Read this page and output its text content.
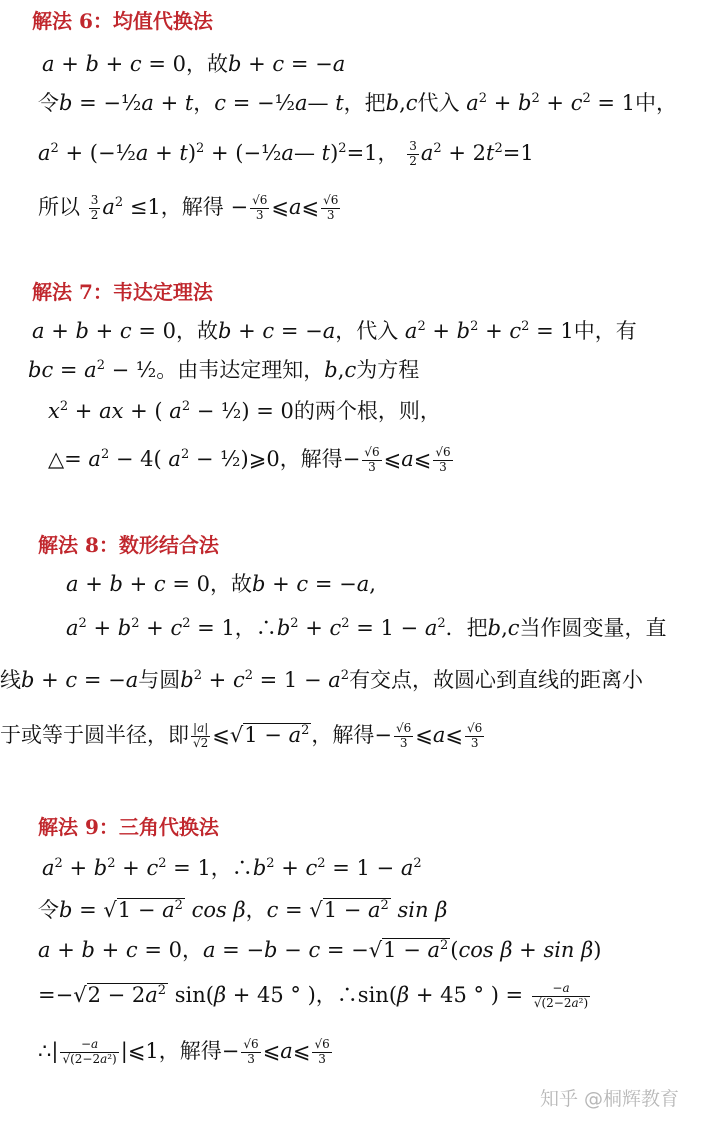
解法 6：均值代换法
a + b + c = 0，故b + c = −a
令b = −½a + t，c = −½a— t，把b,c代入 $a^2 + b^2 + c^2 = 1$中，
$a^2$ + (−½a + t)$^2$ + (−½a— t)$^2$=1， $\frac{3}{2} a^2 + 2t^2=1$
所以 $\frac{3}{2} a^2 \le 1$，解得 − $\frac{√6}{3}$ ⩽a⩽ $\frac{√6}{3}$
解法 7：韦达定理法
a + b + c = 0，故b + c = −a，代入 $a^2 + b^2 + c^2 = 1$中，有
bc = $a^2$ − ½。由韦达定理知，b,c为方程
$x^2$ + ax + ( $a^2$ − ½) = 0的两个根，则，
△= $a^2 - 4$( $a^2$ − ½)⩾0，解得− $\frac{√6}{3}$ ⩽a⩽ $\frac{√6}{3}$
解法 8：数形结合法
a + b + c = 0，故b + c = −a,
$a^2 + b^2 + c^2 = 1$，$\therefore b^2 + c^2 = 1 - a^2$．把b,c当作圆变量，直
线b + c = −a与圆$b^2 + c^2 = 1 - a^2$有交点，故圆心到直线的距离小
于或等于圆半径，即 $\frac{|a|}{√2}$ ⩽√1 − $a^2$，解得− $\frac{√6}{3}$ ⩽a⩽ $\frac{√6}{3}$
解法 9：三角代换法
$a^2 + b^2 + c^2 = 1$，$\therefore b^2 + c^2 = 1 - a^2$
令$b = √1 - a^2$ cos β，$c = √1 - a^2$ sin β
a + b + c = 0，$a = -b - c = -√1 - a^2(\cos$ β + sin β)
$=-√2 - 2a^2$ sin(β + 45 ° )，∴sin(β + 45 ° ) = $\frac{-a}{\text{√(2−2a²)}}$
∴| $\frac{-a}{\text{√(2−2a²)}}$ |⩽1，解得− $\frac{√6}{3}$ ⩽a⩽ $\frac{√6}{3}$
知乎 @桐辉教育
